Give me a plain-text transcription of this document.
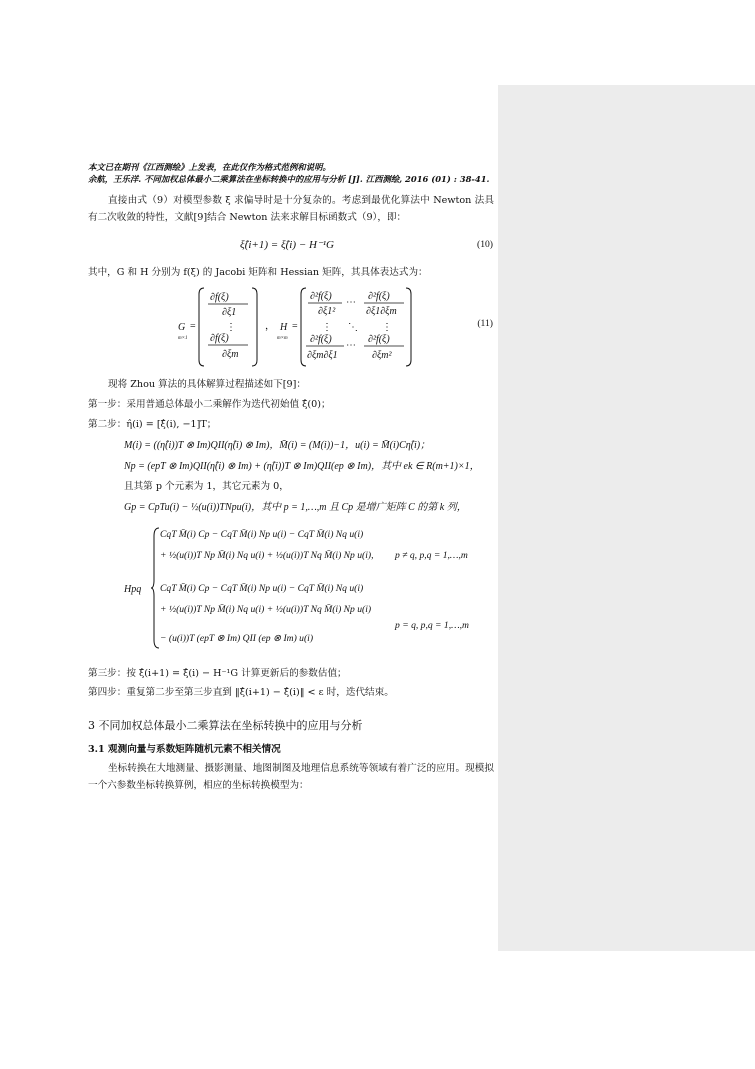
本文已在期刊《江西测绘》上发表，在此仅作为格式范例和说明。
余航，王乐洋. 不同加权总体最小二乘算法在坐标转换中的应用与分析 [J]. 江西测绘, 2016 (01) : 38-41.
直接由式（9）对模型参数 ξ 求偏导时是十分复杂的。考虑到最优化算法中 Newton 法具有二次收敛的特性，文献[9]结合 Newton 法来求解目标函数式（9），即：
ξ̂(i+1) = ξ̂(i) − H⁻¹G	(10)
其中，G 和 H 分别为 f(ξ) 的 Jacobi 矩阵和 Hessian 矩阵，其具体表达式为：
G
m×1
=
∂f(ξ)
∂ξ1
⋮
∂f(ξ)
∂ξm
， H
m×m
=
∂²f(ξ)
∂ξ1²
⋯
∂²f(ξ)
∂ξ1∂ξm
⋮ ⋱ ⋮
∂²f(ξ)
∂ξm∂ξ1
⋯
∂²f(ξ)
∂ξm²
(11)
现将 Zhou 算法的具体解算过程描述如下[9]：
第一步：采用普通总体最小二乘解作为迭代初始值 ξ̂(0)；
第二步：η̂(i) = [ξ̂(i), −1]T；
M(i) = ((η̂(i))T ⊗ Im)QII(η̂(i) ⊗ Im)，M̄(i) = (M(i))−1，u(i) = M̄(i)Cη̂(i)；
Np = (epT ⊗ Im)QII(η̂(i) ⊗ Im) + (η̂(i))T ⊗ Im)QII(ep ⊗ Im)，其中 ek ∈ R(m+1)×1，
且其第 p 个元素为 1，其它元素为 0，
Gp = CpTu(i) − ½(u(i))TNpu(i)，其中 p = 1,…,m 且 Cp 是增广矩阵 C 的第 k 列，
Hpq
CqT M̄(i) Cp − CqT M̄(i) Np u(i) − CqT M̄(i) Nq u(i)
+ ½(u(i))T Np M̄(i) Nq u(i) + ½(u(i))T Nq M̄(i) Np u(i), p ≠ q, p,q = 1,…,m
CqT M̄(i) Cp − CqT M̄(i) Np u(i) − CqT M̄(i) Nq u(i)
+ ½(u(i))T Np M̄(i) Nq u(i) + ½(u(i))T Nq M̄(i) Np u(i)
p = q, p,q = 1,…,m
− (u(i))T (epT ⊗ Im) QII (ep ⊗ Im) u(i)
第三步：按 ξ̂(i+1) = ξ̂(i) − H⁻¹G 计算更新后的参数估值；
第四步：重复第二步至第三步直到 ‖ξ̂(i+1) − ξ̂(i)‖ < ε 时，迭代结束。
3 不同加权总体最小二乘算法在坐标转换中的应用与分析
3.1 观测向量与系数矩阵随机元素不相关情况
坐标转换在大地测量、摄影测量、地图制图及地理信息系统等领域有着广泛的应用。现模拟一个六参数坐标转换算例，相应的坐标转换模型为：
